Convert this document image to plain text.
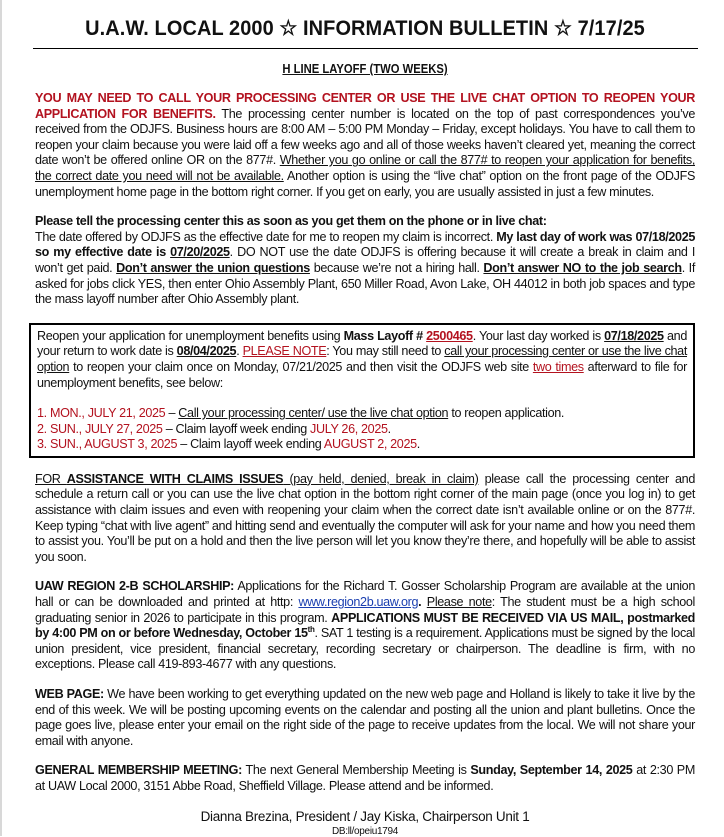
U.A.W. LOCAL 2000 ☆ INFORMATION BULLETIN ☆ 7/17/25
H LINE LAYOFF (TWO WEEKS)

YOU MAY NEED TO CALL YOUR PROCESSING CENTER OR USE THE LIVE CHAT OPTION TO REOPEN YOUR APPLICATION FOR BENEFITS. The processing center number is located on the top of past correspondences you’ve received from the ODJFS. Business hours are 8:00 AM – 5:00 PM Monday – Friday, except holidays. You have to call them to reopen your claim because you were laid off a few weeks ago and all of those weeks haven’t cleared yet, meaning the correct date won’t be offered online OR on the 877#. Whether you go online or call the 877# to reopen your application for benefits, the correct date you need will not be available. Another option is using the “live chat” option on the front page of the ODJFS unemployment home page in the bottom right corner. If you get on early, you are usually assisted in just a few minutes.

Please tell the processing center this as soon as you get them on the phone or in live chat:
The date offered by ODJFS as the effective date for me to reopen my claim is incorrect. My last day of work was 07/18/2025 so my effective date is 07/20/2025. DO NOT use the date ODJFS is offering because it will create a break in claim and I won’t get paid. Don’t answer the union questions because we’re not a hiring hall. Don’t answer NO to the job search. If asked for jobs click YES, then enter Ohio Assembly Plant, 650 Miller Road, Avon Lake, OH 44012 in both job spaces and type the mass layoff number after Ohio Assembly plant.

Reopen your application for unemployment benefits using Mass Layoff # 2500465. Your last day worked is 07/18/2025 and your return to work date is 08/04/2025. PLEASE NOTE: You may still need to call your processing center or use the live chat option to reopen your claim once on Monday, 07/21/2025 and then visit the ODJFS web site two times afterward to file for unemployment benefits, see below:

1. MON., JULY 21, 2025 – Call your processing center/ use the live chat option to reopen application.
2. SUN., JULY 27, 2025 – Claim layoff week ending JULY 26, 2025.
3. SUN., AUGUST 3, 2025 – Claim layoff week ending AUGUST 2, 2025.

FOR ASSISTANCE WITH CLAIMS ISSUES (pay held, denied, break in claim) please call the processing center and schedule a return call or you can use the live chat option in the bottom right corner of the main page (once you log in) to get assistance with claim issues and even with reopening your claim when the correct date isn’t available online or on the 877#. Keep typing “chat with live agent” and hitting send and eventually the computer will ask for your name and how you need them to assist you. You’ll be put on a hold and then the live person will let you know they’re there, and hopefully will be able to assist you soon.

UAW REGION 2-B SCHOLARSHIP: Applications for the Richard T. Gosser Scholarship Program are available at the union hall or can be downloaded and printed at http: www.region2b.uaw.org. Please note: The student must be a high school graduating senior in 2026 to participate in this program. APPLICATIONS MUST BE RECEIVED VIA US MAIL, postmarked by 4:00 PM on or before Wednesday, October 15th. SAT 1 testing is a requirement. Applications must be signed by the local union president, vice president, financial secretary, recording secretary or chairperson. The deadline is firm, with no exceptions. Please call 419-893-4677 with any questions.

WEB PAGE: We have been working to get everything updated on the new web page and Holland is likely to take it live by the end of this week. We will be posting upcoming events on the calendar and posting all the union and plant bulletins. Once the page goes live, please enter your email on the right side of the page to receive updates from the local. We will not share your email with anyone.

GENERAL MEMBERSHIP MEETING: The next General Membership Meeting is Sunday, September 14, 2025 at 2:30 PM at UAW Local 2000, 3151 Abbe Road, Sheffield Village. Please attend and be informed.

Dianna Brezina, President / Jay Kiska, Chairperson Unit 1
DB:ll/opeiu1794
